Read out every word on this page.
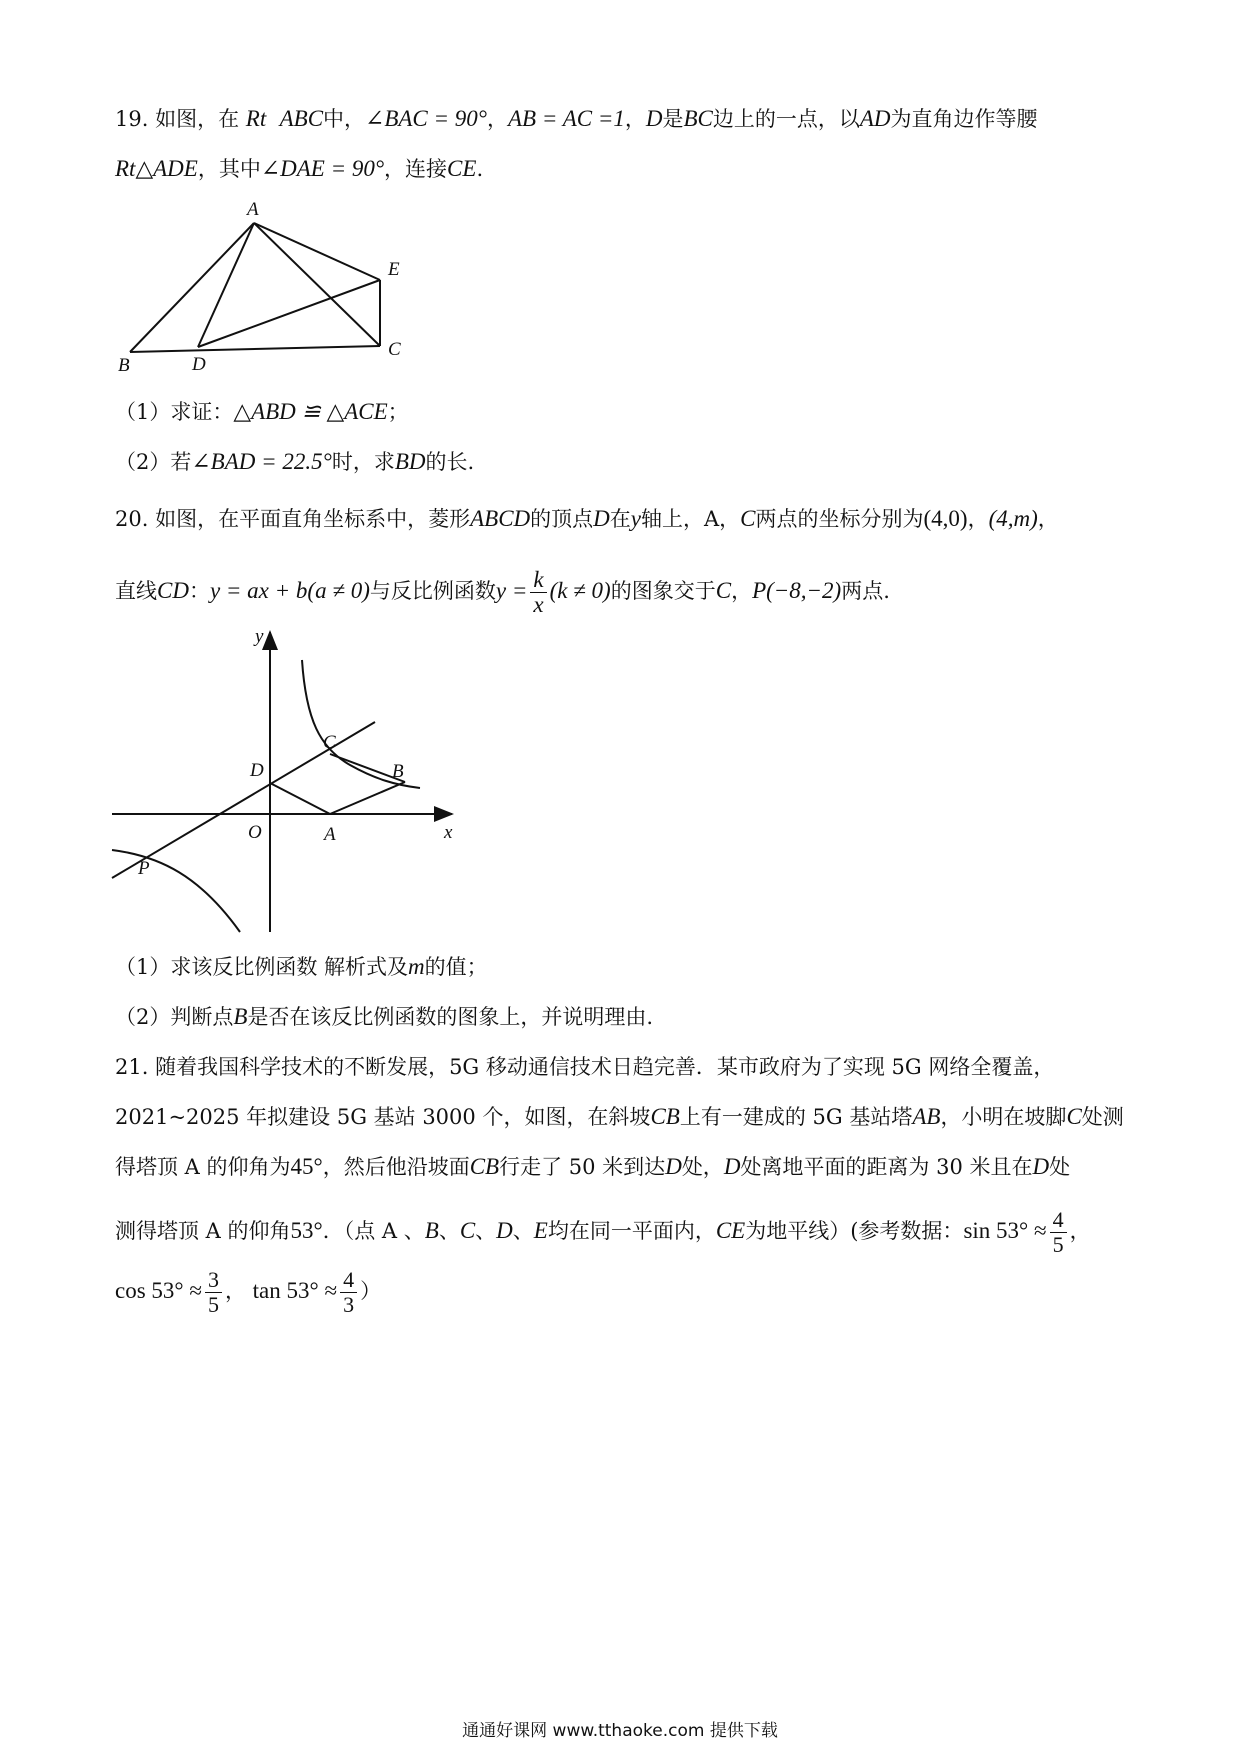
19. 如图，在 Rt ABC中，∠BAC = 90°，AB = AC =1，D是BC边上的一点，以AD为直角边作等腰
Rt△ADE，其中∠DAE = 90°，连接CE.
A
E
B	D
C
（1）求证：△ABD ≌ △ACE；
（2）若∠BAD = 22.5°时，求BD的长.
20. 如图，在平面直角坐标系中，菱形ABCD的顶点D在y轴上，A，C两点的坐标分别为(4,0)，(4,m)，
直线CD：y = ax + b(a ≠ 0)与反比例函数$y = \frac{k}{x} (k \ne 0)$的图象交于C，P(−8,−2)两点.
y
x
O	A
B
C
D
P
（1）求该反比例函数 解析式及m的值；
（2）判断点B是否在该反比例函数的图象上，并说明理由.
21. 随着我国科学技术的不断发展，5G 移动通信技术日趋完善．某市政府为了实现 5G 网络全覆盖，
2021~2025 年拟建设 5G 基站 3000 个，如图，在斜坡CB上有一建成的 5G 基站塔AB，小明在坡脚C处测
得塔顶 A 的仰角为45°，然后他沿坡面CB行走了 50 米到达D处，D处离地平面的距离为 30 米且在D处
测得塔顶 A 的仰角53°．（点 A 、B、C、D、E均在同一平面内，CE为地平线）(参考数据：$\sin 53^\circ \approx \frac{4}{5}$ ，
$\cos 53^\circ \approx \frac{3}{5}$ ， $\tan 53^\circ \approx \frac{4}{3}$ ）
通通好课网 www.tthaoke.com 提供下载
